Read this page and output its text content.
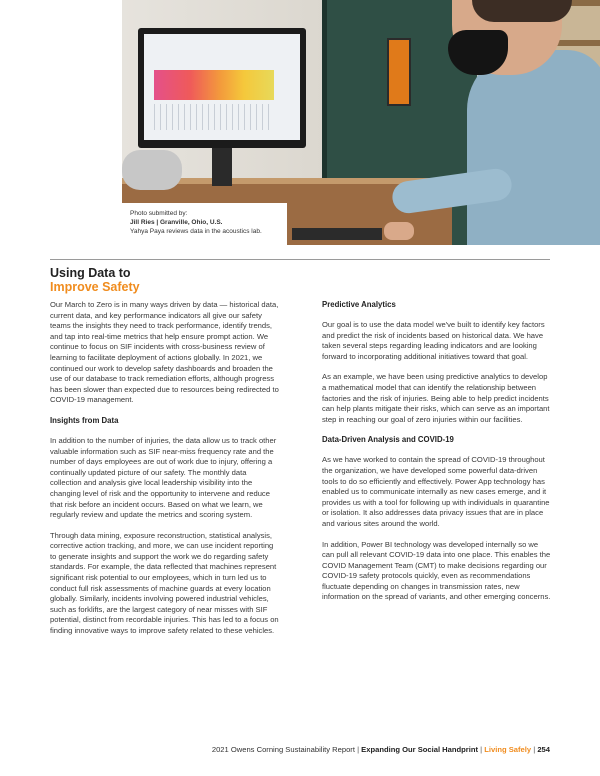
Photo submitted by:
Jill Ries | Granville, Ohio, U.S.
Yahya Paya reviews data in the acoustics lab.
Using Data to
Improve Safety

Our March to Zero is in many ways driven by data — historical data, current data, and key performance indicators all give our safety teams the insights they need to track performance, identify trends, and tap into real-time metrics that help ensure prompt action. We continue to focus on SIF incidents with cross-business review of learning to facilitate deployment of actions globally. In 2021, we continued our work to develop safety dashboards and broaden the use of our database to track remediation efforts, although progress has been slower than expected due to resources being redirected to COVID-19 management.

Insights from Data

In addition to the number of injuries, the data allow us to track other valuable information such as SIF near-miss frequency rate and the number of days employees are out of work due to injury, offering a continually updated picture of our safety. The monthly data collection and analysis give local leadership visibility into the changing level of risk and the opportunity to intervene and reduce that risk before an incident occurs. Based on what we learn, we regularly review and update the metrics and scoring system.

Through data mining, exposure reconstruction, statistical analysis, corrective action tracking, and more, we can use incident reporting to generate insights and support the work we do regarding safety standards. For example, the data reflected that machines represent significant risk potential to our employees, which in turn led us to conduct full risk assessments of machine guards at every location globally. Similarly, incidents involving powered industrial vehicles, such as forklifts, are the largest category of near misses with SIF potential, distinct from recordable injuries. This has led to a focus on finding innovative ways to improve safety related to these vehicles.

Predictive Analytics

Our goal is to use the data model we've built to identify key factors and predict the risk of incidents based on historical data. We have taken several steps regarding leading indicators and are looking forward to incorporating additional initiatives toward that goal.

As an example, we have been using predictive analytics to develop a mathematical model that can identify the relationship between factories and the risk of injuries. Being able to help predict incidents can help plants mitigate their risks, which can serve as an important step in reaching our goal of zero injuries within our facilities.

Data-Driven Analysis and COVID-19

As we have worked to contain the spread of COVID-19 throughout the organization, we have developed some powerful data-driven tools to do so efficiently and effectively. Power App technology has enabled us to communicate internally as new cases emerge, and it provides us with a tool for following up with individuals in quarantine or isolation. It also addresses data privacy issues that are in place and various sites around the world.

In addition, Power BI technology was developed internally so we can pull all relevant COVID-19 data into one place. This enables the COVID Management Team (CMT) to make decisions regarding our COVID-19 safety protocols quickly, even as recommendations fluctuate depending on changes in transmission rates, new information on the spread of variants, and other emerging concerns.

2021 Owens Corning Sustainability Report | Expanding Our Social Handprint | Living Safely | 254
